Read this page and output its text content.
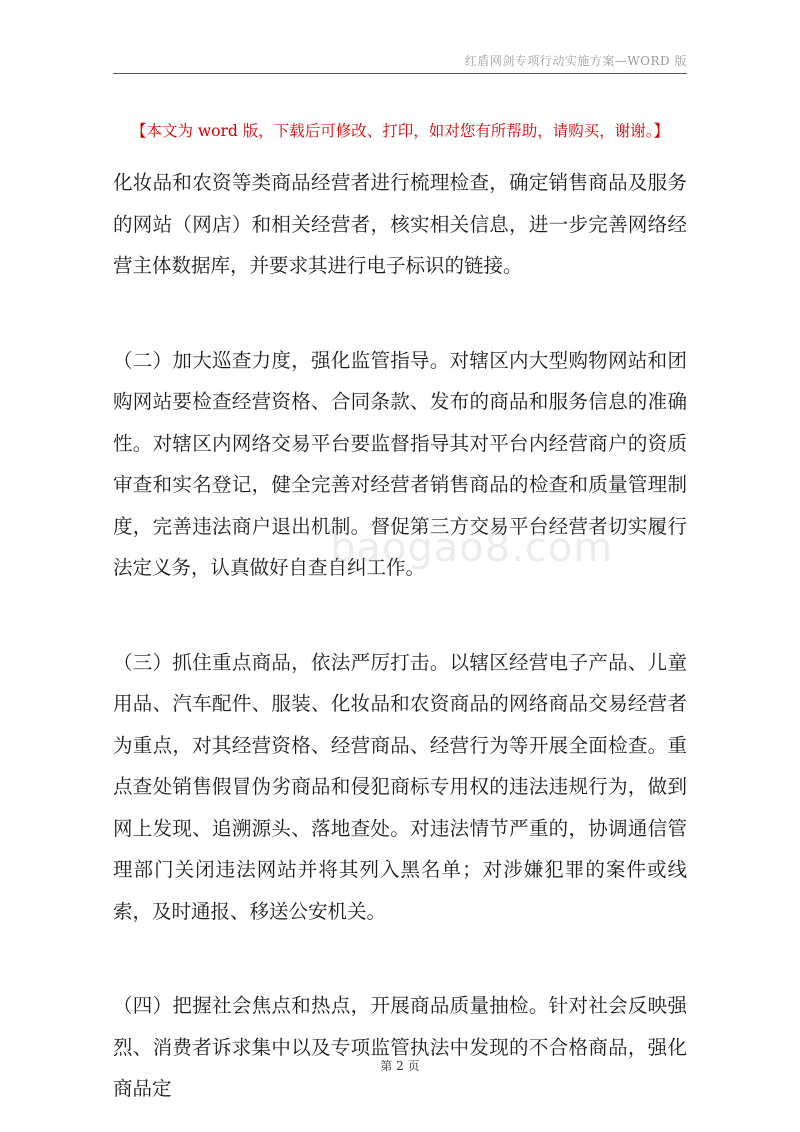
红盾网剑专项行动实施方案—WORD 版
【本文为 word 版，下载后可修改、打印，如对您有所帮助，请购买，谢谢。】

化妆品和农资等类商品经营者进行梳理检查，确定销售商品及服务的网站（网店）和相关经营者，核实相关信息，进一步完善网络经营主体数据库，并要求其进行电子标识的链接。

（二）加大巡查力度，强化监管指导。对辖区内大型购物网站和团购网站要检查经营资格、合同条款、发布的商品和服务信息的准确性。对辖区内网络交易平台要监督指导其对平台内经营商户的资质审查和实名登记，健全完善对经营者销售商品的检查和质量管理制度，完善违法商户退出机制。督促第三方交易平台经营者切实履行法定义务，认真做好自查自纠工作。

（三）抓住重点商品，依法严厉打击。以辖区经营电子产品、儿童用品、汽车配件、服装、化妆品和农资商品的网络商品交易经营者为重点，对其经营资格、经营商品、经营行为等开展全面检查。重点查处销售假冒伪劣商品和侵犯商标专用权的违法违规行为，做到网上发现、追溯源头、落地查处。对违法情节严重的，协调通信管理部门关闭违法网站并将其列入黑名单；对涉嫌犯罪的案件或线索，及时通报、移送公安机关。

（四）把握社会焦点和热点，开展商品质量抽检。针对社会反映强烈、消费者诉求集中以及专项监管执法中发现的不合格商品，强化商品定

baogao8.com
第 2 页
